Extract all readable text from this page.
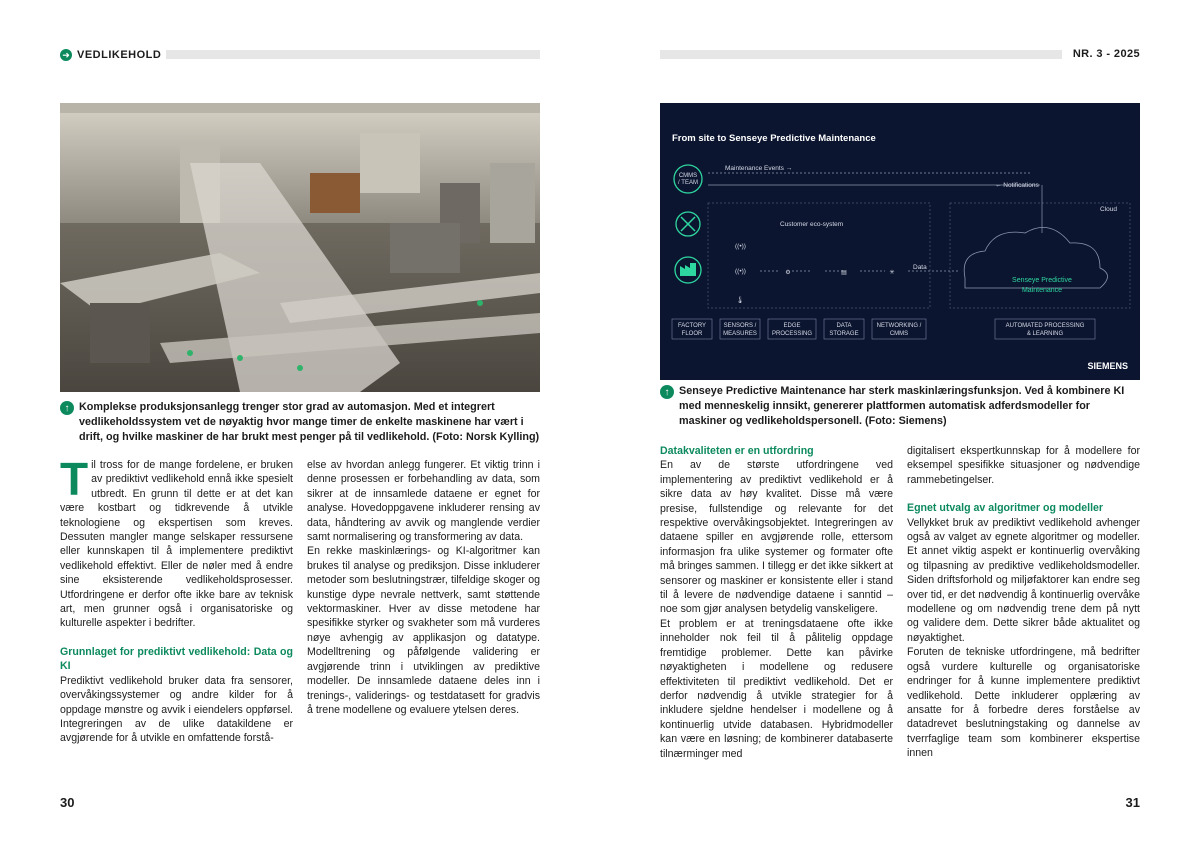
➜ VEDLIKEHOLD	NR. 3 - 2025
↑ Komplekse produksjonsanlegg trenger stor grad av automasjon. Med et integrert vedlikeholdssystem vet de nøyaktig hvor mange timer de enkelte maskinene har vært i drift, og hvilke maskiner de har brukt mest penger på til vedlikehold. (Foto: Norsk Kylling)

Til tross for de mange fordelene, er bruken av prediktivt vedlikehold ennå ikke spesielt utbredt. En grunn til dette er at det kan være kostbart og tidkrevende å utvikle teknologiene og ekspertisen som kreves. Dessuten mangler mange selskaper ressursene eller kunnskapen til å implementere prediktivt vedlikehold effektivt. Eller de nøler med å endre sine eksisterende vedlikeholdsprosesser. Utfordringene er derfor ofte ikke bare av teknisk art, men grunner også i organisatoriske og kulturelle aspekter i bedrifter.

Grunnlaget for prediktivt vedlikehold: Data og KI

Prediktivt vedlikehold bruker data fra sensorer, overvåkingssystemer og andre kilder for å oppdage mønstre og avvik i eiendelers oppførsel. Integreringen av de ulike datakildene er avgjørende for å utvikle en omfattende forstå-

else av hvordan anlegg fungerer. Et viktig trinn i denne prosessen er forbehandling av data, som sikrer at de innsamlede dataene er egnet for analyse. Hovedoppgavene inkluderer rensing av data, håndtering av avvik og manglende verdier samt normalisering og transformering av data.

En rekke maskinlærings- og KI-algoritmer kan brukes til analyse og prediksjon. Disse inkluderer metoder som beslutningstrær, tilfeldige skoger og kunstige dype nevrale nettverk, samt støttende vektormaskiner. Hver av disse metodene har spesifikke styrker og svakheter som må vurderes nøye avhengig av applikasjon og datatype. Modelltrening og påfølgende validering er avgjørende trinn i utviklingen av prediktive modeller. De innsamlede dataene deles inn i trenings-, validerings- og testdatasett for gradvis å trene modellene og evaluere ytelsen deres.

From site to Senseye Predictive Maintenance
CMMS
/ TEAM
Maintenance Events →
← Notifications
Customer eco-system
Cloud
((•))
((•))
🌡
⚙	▤	✳
Data
Senseye Predictive
Maintenance
FACTORY
FLOOR
SENSORS /
MEASURES
EDGE
PROCESSING
DATA
STORAGE
NETWORKING /
CMMS
AUTOMATED PROCESSING
& LEARNING
SIEMENS
↑ Senseye Predictive Maintenance har sterk maskinlæringsfunksjon. Ved å kombinere KI med menneskelig innsikt, genererer plattformen automatisk adferdsmodeller for maskiner og vedlikeholdspersonell. (Foto: Siemens)

Datakvaliteten er en utfordring

En av de største utfordringene ved implementering av prediktivt vedlikehold er å sikre data av høy kvalitet. Disse må være presise, fullstendige og relevante for det respektive overvåkingsobjektet. Integreringen av dataene spiller en avgjørende rolle, ettersom informasjon fra ulike systemer og formater ofte må bringes sammen. I tillegg er det ikke sikkert at sensorer og maskiner er konsistente eller i stand til å levere de nødvendige dataene i sanntid – noe som gjør analysen betydelig vanskeligere.

Et problem er at treningsdataene ofte ikke inneholder nok feil til å pålitelig oppdage fremtidige problemer. Dette kan påvirke nøyaktigheten i modellene og redusere effektiviteten til prediktivt vedlikehold. Det er derfor nødvendig å utvikle strategier for å inkludere sjeldne hendelser i modellene og å kontinuerlig utvide databasen. Hybridmodeller kan være en løsning; de kombinerer databaserte tilnærminger med

digitalisert ekspertkunnskap for å modellere for eksempel spesifikke situasjoner og nødvendige rammebetingelser.

Egnet utvalg av algoritmer og modeller

Vellykket bruk av prediktivt vedlikehold avhenger også av valget av egnete algoritmer og modeller. Et annet viktig aspekt er kontinuerlig overvåking og tilpasning av prediktive vedlikeholdsmodeller. Siden driftsforhold og miljøfaktorer kan endre seg over tid, er det nødvendig å kontinuerlig overvåke modellene og om nødvendig trene dem på nytt og validere dem. Dette sikrer både aktualitet og nøyaktighet.

Foruten de tekniske utfordringene, må bedrifter også vurdere kulturelle og organisatoriske endringer for å kunne implementere prediktivt vedlikehold. Dette inkluderer opplæring av ansatte for å forbedre deres forståelse av datadrevet beslutningstaking og dannelse av tverrfaglige team som kombinerer ekspertise innen

30	31
